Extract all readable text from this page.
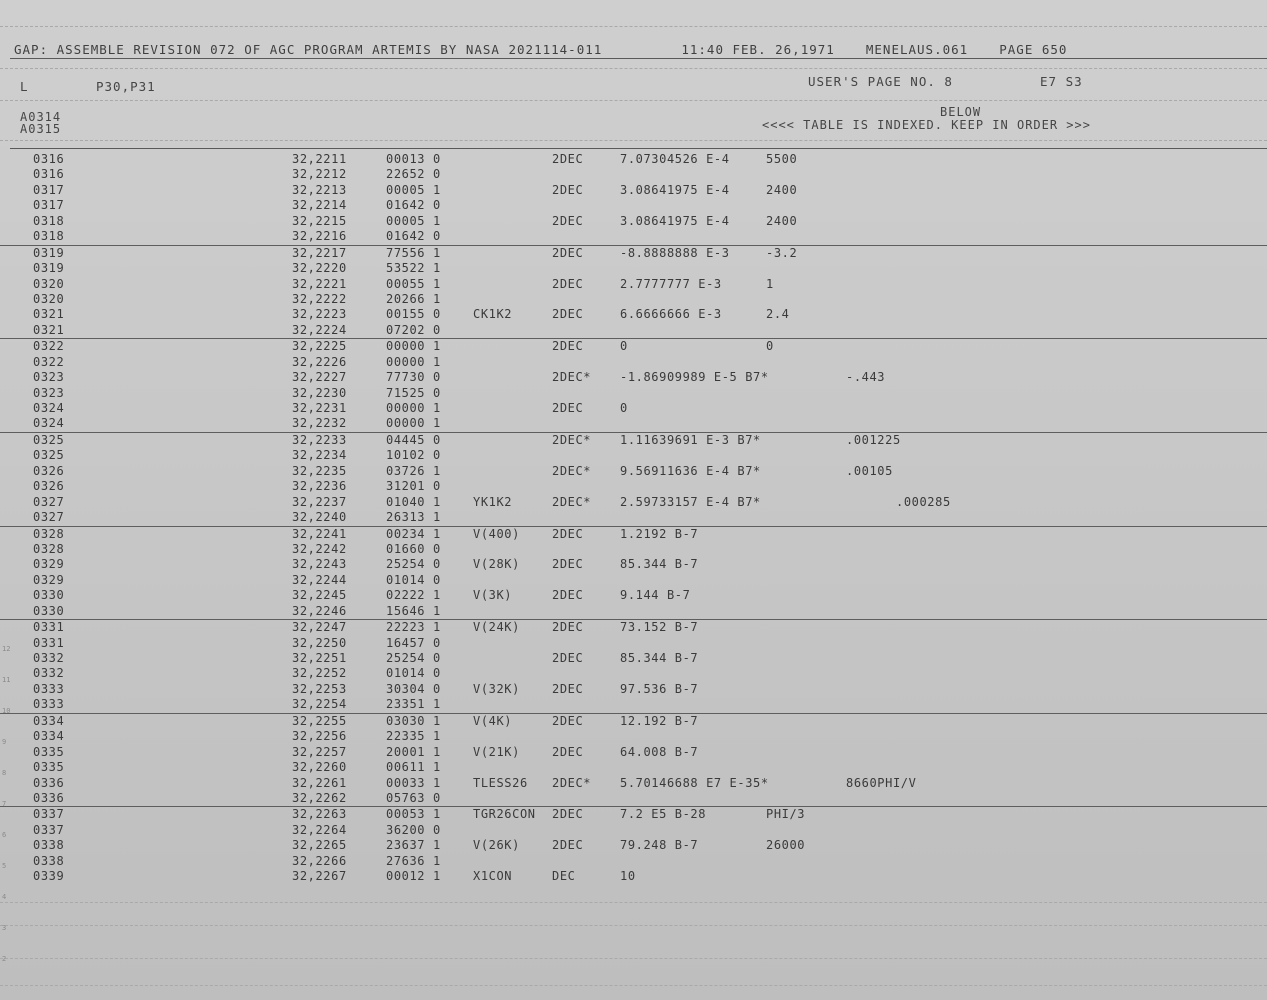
GAP: ASSEMBLE REVISION 072 OF AGC PROGRAM ARTEMIS BY NASA 2021114-011	11:40 FEB. 26,1971 MENELAUS.061 PAGE 650
L	P30,P31	USER'S PAGE NO. 8	E7 S3
A0314
A0315
BELOW
<<<< TABLE IS INDEXED. KEEP IN ORDER >>>
0316	32,2211	00013 0	2DEC	7.07304526 E-4	5500
0316	32,2212	22652 0
0317	32,2213	00005 1	2DEC	3.08641975 E-4	2400
0317	32,2214	01642 0
0318	32,2215	00005 1	2DEC	3.08641975 E-4	2400
0318	32,2216	01642 0
0319	32,2217	77556 1	2DEC	-8.8888888 E-3	-3.2
0319	32,2220	53522 1
0320	32,2221	00055 1	2DEC	2.7777777 E-3	1
0320	32,2222	20266 1
0321	32,2223	00155 0	CK1K2	2DEC	6.6666666 E-3	2.4
0321	32,2224	07202 0
0322	32,2225	00000 1	2DEC	0	0
0322	32,2226	00000 1
0323	32,2227	77730 0	2DEC* -1.86909989 E-5 B7*	-.443
0323	32,2230	71525 0
0324	32,2231	00000 1	2DEC	0
0324	32,2232	00000 1
0325	32,2233	04445 0	2DEC* 1.11639691 E-3 B7*	.001225
0325	32,2234	10102 0
0326	32,2235	03726 1	2DEC* 9.56911636 E-4 B7*	.00105
0326	32,2236	31201 0
0327	32,2237	01040 1	YK1K2	2DEC* 2.59733157 E-4 B7*	.000285
0327	32,2240	26313 1
0328	32,2241	00234 1	V(400)	2DEC	1.2192 B-7
0328	32,2242	01660 0
0329	32,2243	25254 0	V(28K)	2DEC	85.344 B-7
0329	32,2244	01014 0
0330	32,2245	02222 1	V(3K)	2DEC	9.144 B-7
0330	32,2246	15646 1
0331	32,2247	22223 1	V(24K)	2DEC	73.152 B-7
0331	32,2250	16457 0
0332	32,2251	25254 0	2DEC	85.344 B-7
0332	32,2252	01014 0
0333	32,2253	30304 0	V(32K)	2DEC	97.536 B-7
0333	32,2254	23351 1
0334	32,2255	03030 1	V(4K)	2DEC	12.192 B-7
0334	32,2256	22335 1
0335	32,2257	20001 1	V(21K)	2DEC	64.008 B-7
0335	32,2260	00611 1
0336	32,2261	00033 1	TLESS26 2DEC* 5.70146688 E7 E-35*	8660PHI/V
0336	32,2262	05763 0
0337	32,2263	00053 1	TGR26CON 2DEC	7.2 E5 B-28	PHI/3
0337	32,2264	36200 0
0338	32,2265	23637 1	V(26K)	2DEC	79.248 B-7	26000
0338	32,2266	27636 1
0339	32,2267	00012 1	X1CON	DEC	10
12
11
10
9
8
7
6
5
4
3
2
